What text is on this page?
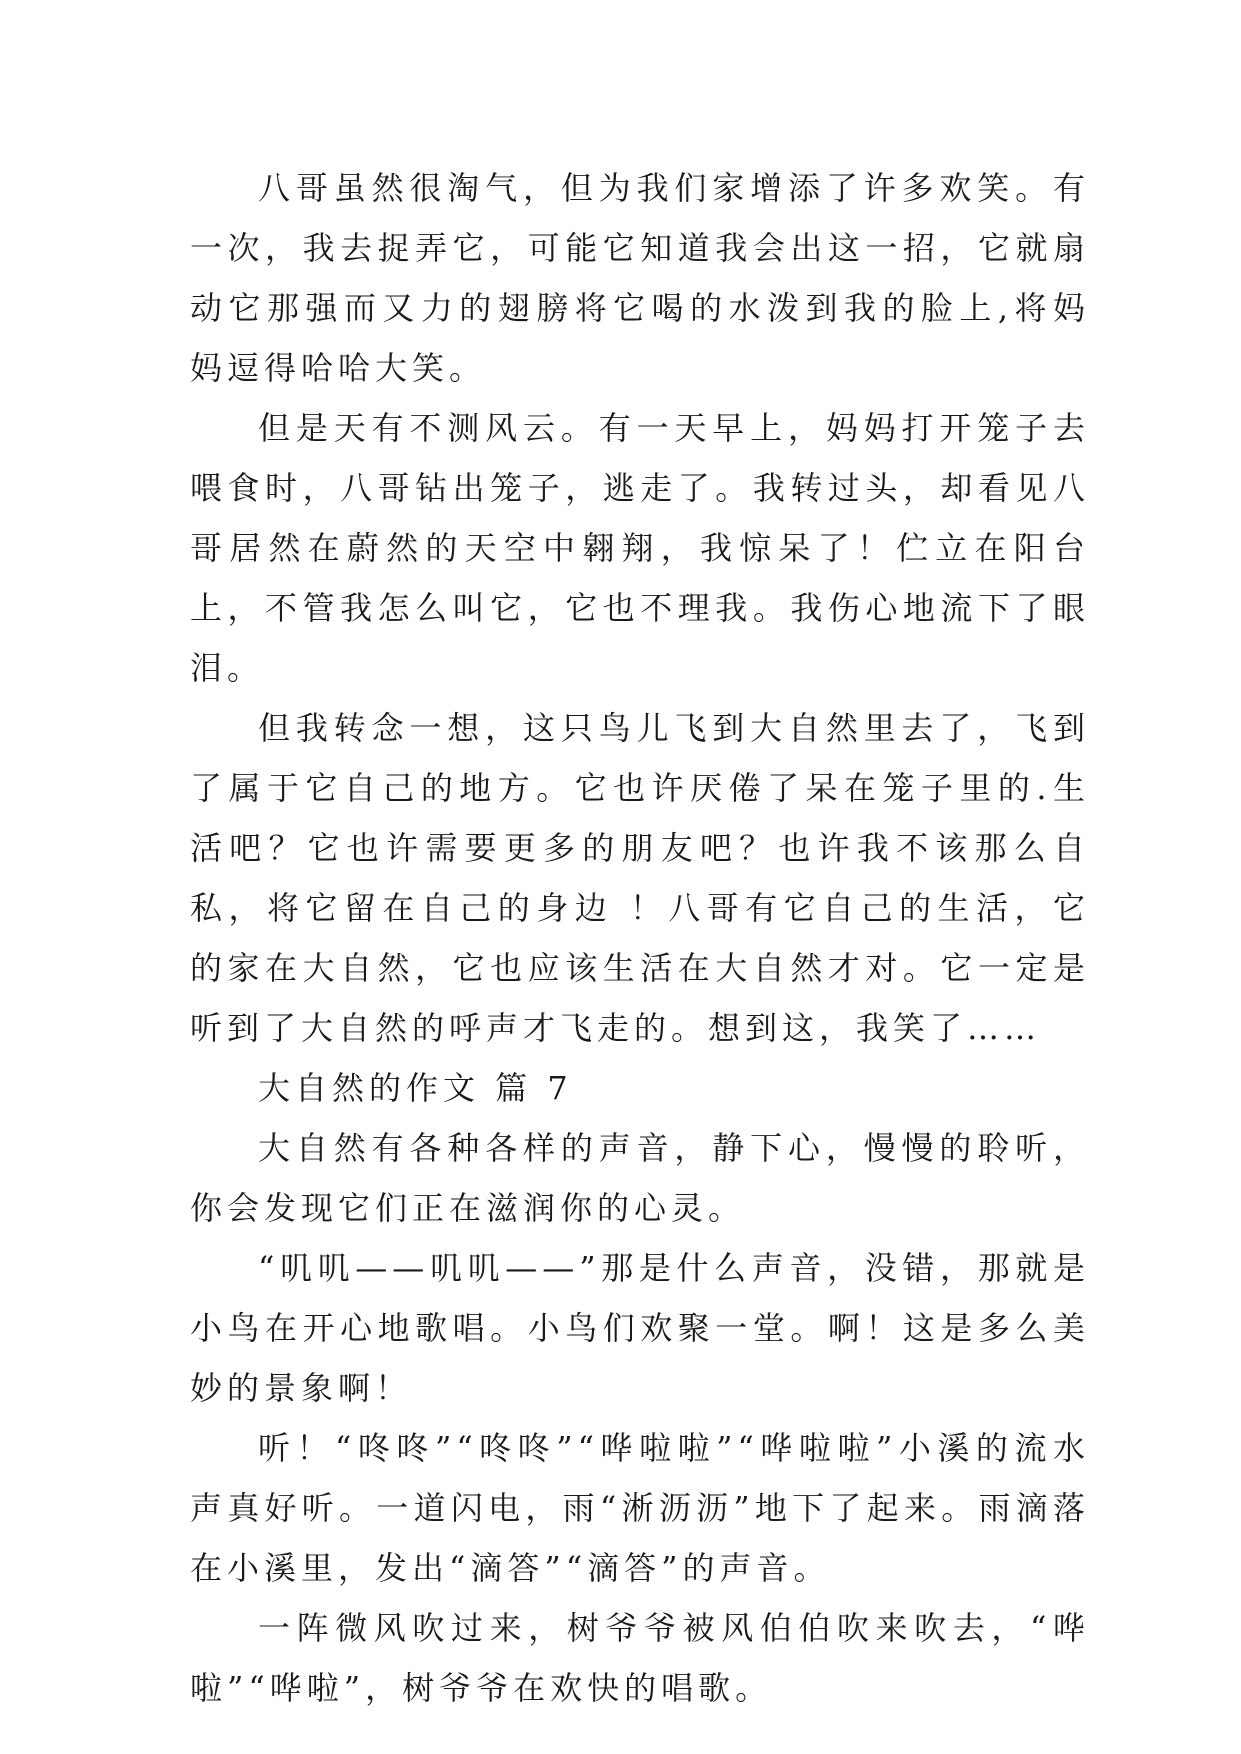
八哥虽然很淘气，但为我们家增添了许多欢笑。有一次，我去捉弄它，可能它知道我会出这一招，它就扇动它那强而又力的翅膀将它喝的水泼到我的脸上,将妈妈逗得哈哈大笑。

但是天有不测风云。有一天早上，妈妈打开笼子去喂食时，八哥钻出笼子，逃走了。我转过头，却看见八哥居然在蔚然的天空中翱翔，我惊呆了！伫立在阳台上，不管我怎么叫它，它也不理我。我伤心地流下了眼泪。

但我转念一想，这只鸟儿飞到大自然里去了，飞到了属于它自己的地方。它也许厌倦了呆在笼子里的.生活吧？它也许需要更多的朋友吧？也许我不该那么自私，将它留在自己的身边 ！八哥有它自己的生活，它的家在大自然，它也应该生活在大自然才对。它一定是听到了大自然的呼声才飞走的。想到这，我笑了……

大自然的作文 篇 7

大自然有各种各样的声音，静下心，慢慢的聆听，你会发现它们正在滋润你的心灵。

“叽叽——叽叽——”那是什么声音，没错，那就是小鸟在开心地歌唱。小鸟们欢聚一堂。啊！这是多么美妙的景象啊！

听！“咚咚”“咚咚”“哗啦啦”“哗啦啦”小溪的流水声真好听。一道闪电，雨“淅沥沥”地下了起来。雨滴落在小溪里，发出“滴答”“滴答”的声音。

一阵微风吹过来，树爷爷被风伯伯吹来吹去，“哗啦”“哗啦”，树爷爷在欢快的唱歌。
